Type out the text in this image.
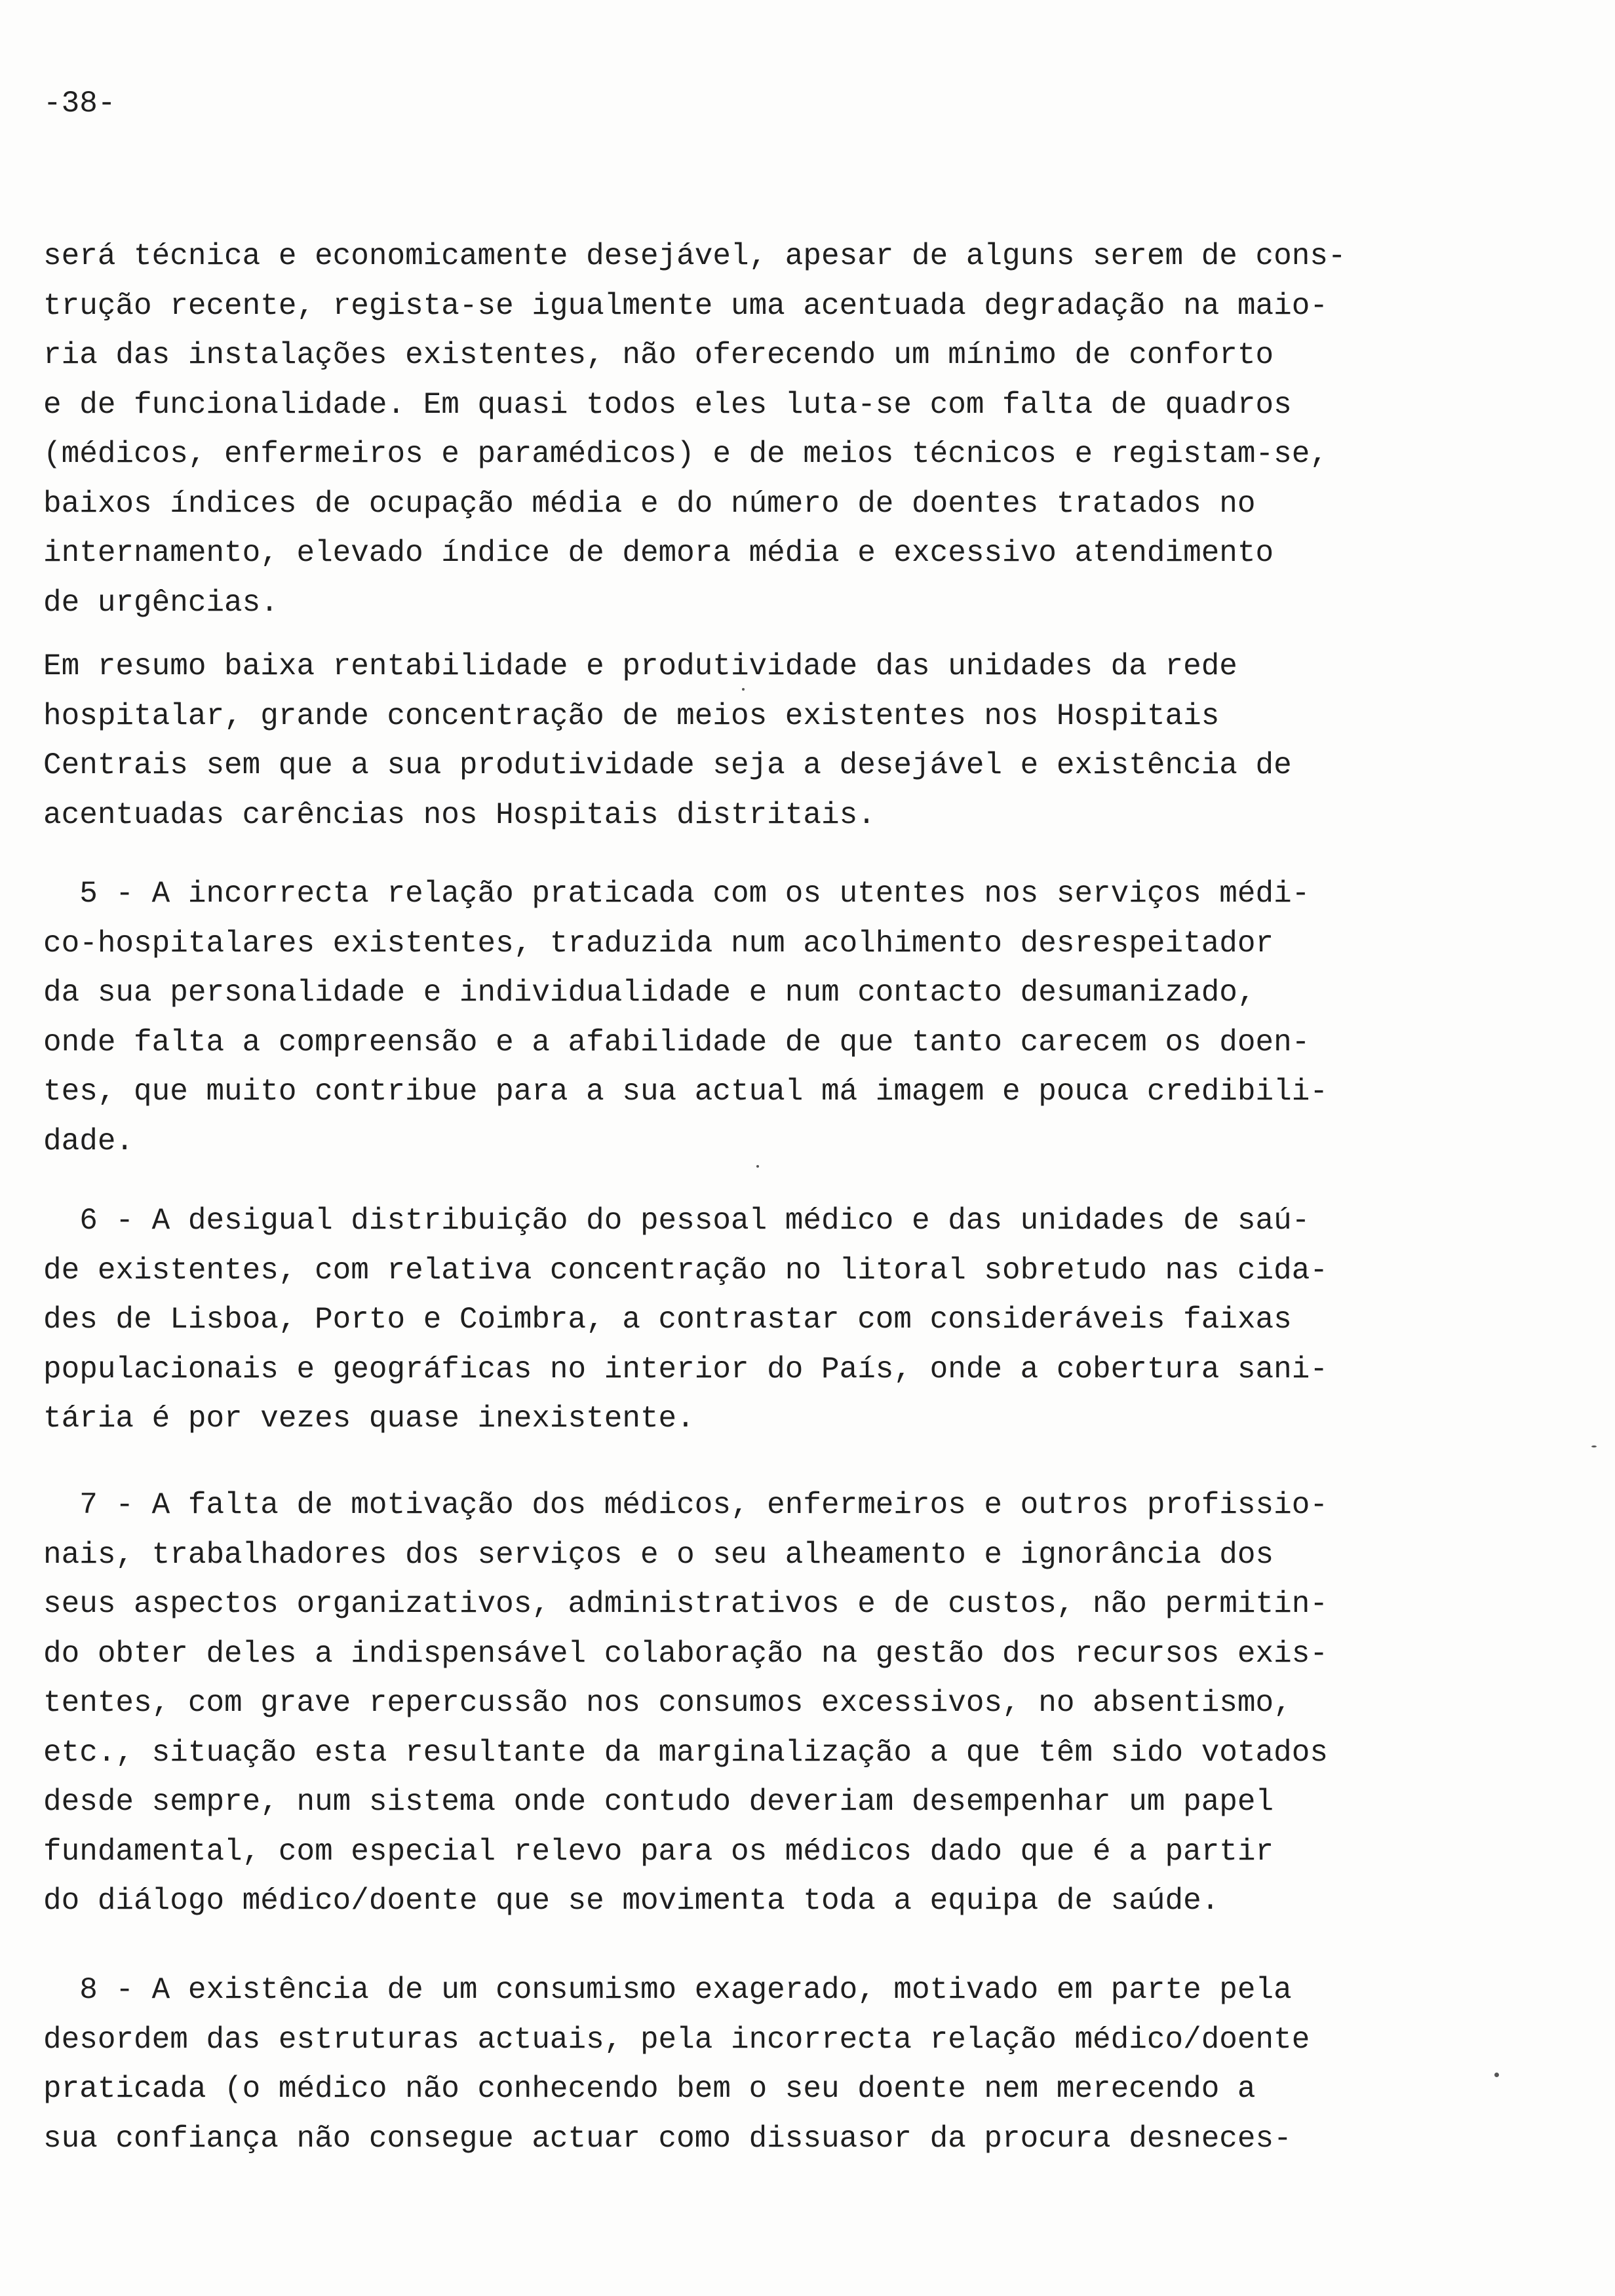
-38-
será técnica e economicamente desejável, apesar de alguns serem de cons-
trução recente, regista-se igualmente uma acentuada degradação na maio-
ria das instalações existentes, não oferecendo um mínimo de conforto
e de funcionalidade. Em quasi todos eles luta-se com falta de quadros
(médicos, enfermeiros e paramédicos) e de meios técnicos e registam-se,
baixos índices de ocupação média e do número de doentes tratados no
internamento, elevado índice de demora média e excessivo atendimento
de urgências.
Em resumo baixa rentabilidade e produtividade das unidades da rede
hospitalar, grande concentração de meios existentes nos Hospitais
Centrais sem que a sua produtividade seja a desejável e existência de
acentuadas carências nos Hospitais distritais.
5 - A incorrecta relação praticada com os utentes nos serviços médi-
co-hospitalares existentes, traduzida num acolhimento desrespeitador
da sua personalidade e individualidade e num contacto desumanizado,
onde falta a compreensão e a afabilidade de que tanto carecem os doen-
tes, que muito contribue para a sua actual má imagem e pouca credibili-
dade.
6 - A desigual distribuição do pessoal médico e das unidades de saú-
de existentes, com relativa concentração no litoral sobretudo nas cida-
des de Lisboa, Porto e Coimbra, a contrastar com consideráveis faixas
populacionais e geográficas no interior do País, onde a cobertura sani-
tária é por vezes quase inexistente.
7 - A falta de motivação dos médicos, enfermeiros e outros profissio-
nais, trabalhadores dos serviços e o seu alheamento e ignorância dos
seus aspectos organizativos, administrativos e de custos, não permitin-
do obter deles a indispensável colaboração na gestão dos recursos exis-
tentes, com grave repercussão nos consumos excessivos, no absentismo,
etc., situação esta resultante da marginalização a que têm sido votados
desde sempre, num sistema onde contudo deveriam desempenhar um papel
fundamental, com especial relevo para os médicos dado que é a partir
do diálogo médico/doente que se movimenta toda a equipa de saúde.
8 - A existência de um consumismo exagerado, motivado em parte pela
desordem das estruturas actuais, pela incorrecta relação médico/doente
praticada (o médico não conhecendo bem o seu doente nem merecendo a
sua confiança não consegue actuar como dissuasor da procura desneces-
